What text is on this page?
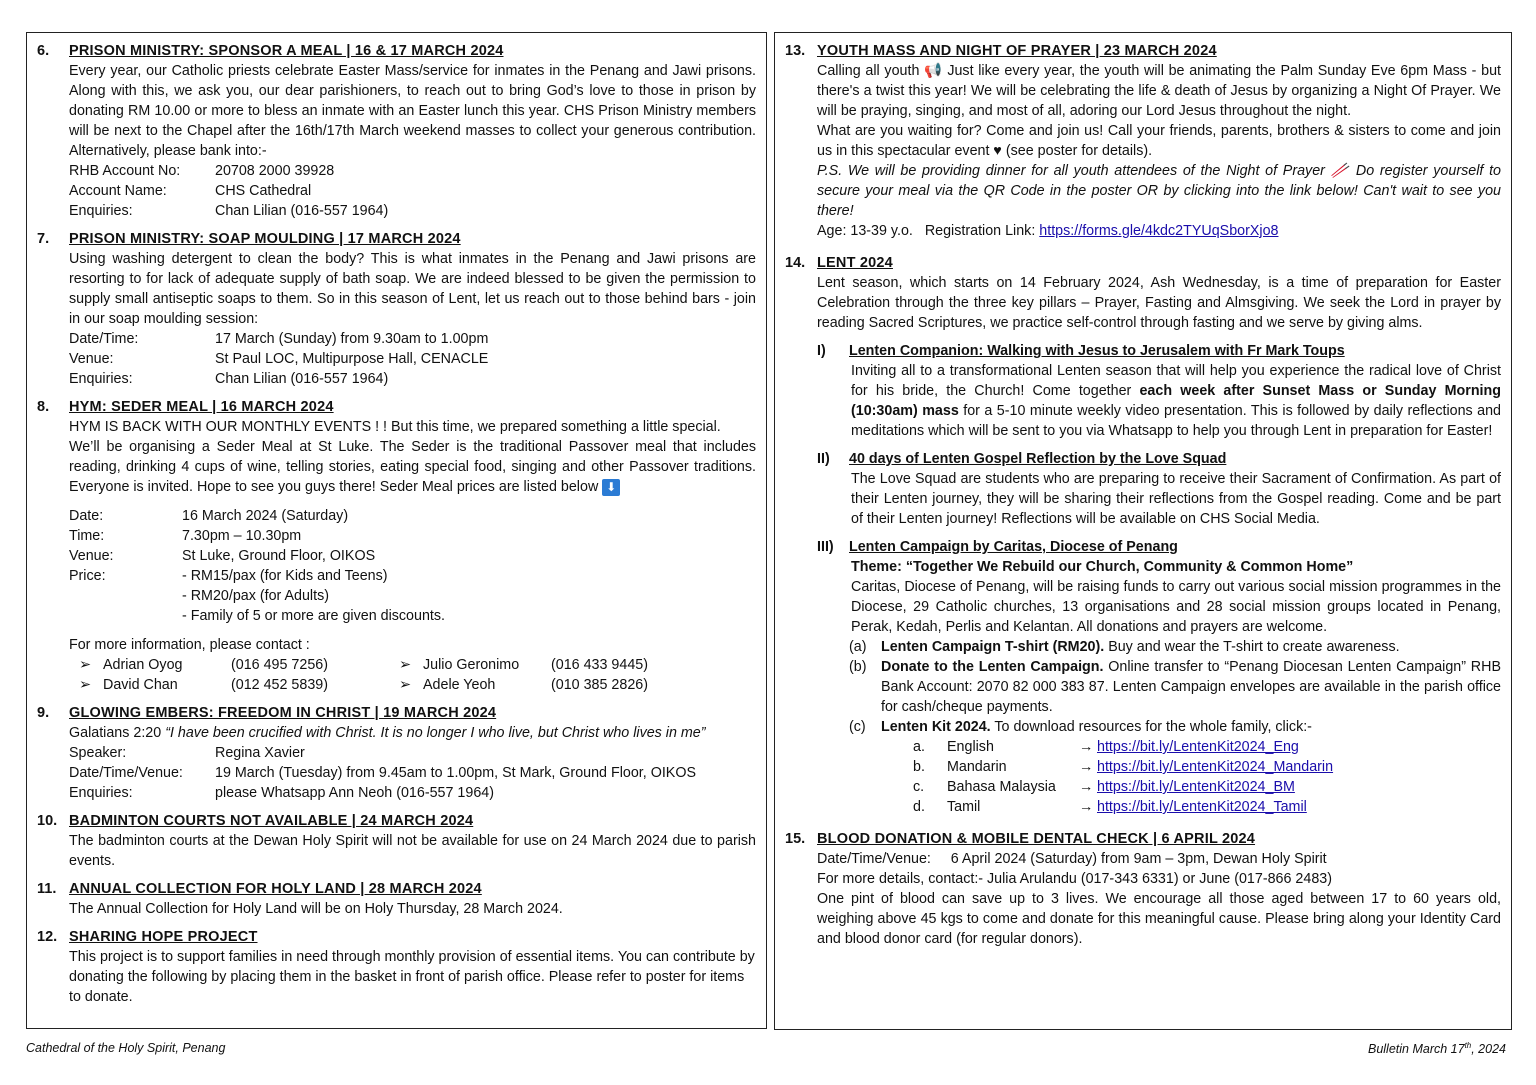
6. PRISON MINISTRY: SPONSOR A MEAL | 16 & 17 MARCH 2024

Every year, our Catholic priests celebrate Easter Mass/service for inmates in the Penang and Jawi prisons. Along with this, we ask you, our dear parishioners, to reach out to bring God’s love to those in prison by donating RM 10.00 or more to bless an inmate with an Easter lunch this year. CHS Prison Ministry members will be next to the Chapel after the 16th/17th March weekend masses to collect your generous contribution. Alternatively, please bank into:-

RHB Account No:	20708 2000 39928
Account Name:	CHS Cathedral
Enquiries:	Chan Lilian (016-557 1964)
7. PRISON MINISTRY: SOAP MOULDING | 17 MARCH 2024

Using washing detergent to clean the body? This is what inmates in the Penang and Jawi prisons are resorting to for lack of adequate supply of bath soap. We are indeed blessed to be given the permission to supply small antiseptic soaps to them. So in this season of Lent, let us reach out to those behind bars - join in our soap moulding session:

Date/Time:	17 March (Sunday) from 9.30am to 1.00pm
Venue:	St Paul LOC, Multipurpose Hall, CENACLE
Enquiries:	Chan Lilian (016-557 1964)
8. HYM: SEDER MEAL | 16 MARCH 2024

HYM IS BACK WITH OUR MONTHLY EVENTS ! ! But this time, we prepared something a little special.

We’ll be organising a Seder Meal at St Luke. The Seder is the traditional Passover meal that includes reading, drinking 4 cups of wine, telling stories, eating special food, singing and other Passover traditions. Everyone is invited. Hope to see you guys there! Seder Meal prices are listed below ⬇

Date:	16 March 2024 (Saturday)
Time:	7.30pm – 10.30pm
Venue:	St Luke, Ground Floor, OIKOS
Price:	- RM15/pax (for Kids and Teens)
- RM20/pax (for Adults)
- Family of 5 or more are given discounts.

For more information, please contact :

➢ Adrian Oyog	(016 495 7256)	➢ Julio Geronimo	(016 433 9445)
➢ David Chan	(012 452 5839)	➢ Adele Yeoh	(010 385 2826)
9. GLOWING EMBERS: FREEDOM IN CHRIST | 19 MARCH 2024

Galatians 2:20 “I have been crucified with Christ. It is no longer I who live, but Christ who lives in me”

Speaker:	Regina Xavier
Date/Time/Venue:	19 March (Tuesday) from 9.45am to 1.00pm, St Mark, Ground Floor, OIKOS
Enquiries:	please Whatsapp Ann Neoh (016-557 1964)
10. BADMINTON COURTS NOT AVAILABLE | 24 MARCH 2024

The badminton courts at the Dewan Holy Spirit will not be available for use on 24 March 2024 due to parish events.

11. ANNUAL COLLECTION FOR HOLY LAND | 28 MARCH 2024

The Annual Collection for Holy Land will be on Holy Thursday, 28 March 2024.

12. SHARING HOPE PROJECT

This project is to support families in need through monthly provision of essential items. You can contribute by donating the following by placing them in the basket in front of parish office. Please refer to poster for items to donate.

13. YOUTH MASS AND NIGHT OF PRAYER | 23 MARCH 2024

Calling all youth 📢 Just like every year, the youth will be animating the Palm Sunday Eve 6pm Mass - but there's a twist this year! We will be celebrating the life & death of Jesus by organizing a Night Of Prayer. We will be praying, singing, and most of all, adoring our Lord Jesus throughout the night.

What are you waiting for? Come and join us! Call your friends, parents, brothers & sisters to come and join us in this spectacular event ♥ (see poster for details).

P.S. We will be providing dinner for all youth attendees of the Night of Prayer 🥢 Do register yourself to secure your meal via the QR Code in the poster OR by clicking into the link below! Can't wait to see you there!

Age: 13-39 y.o. Registration Link: https://forms.gle/4kdc2TYUqSborXjo8

14. LENT 2024

Lent season, which starts on 14 February 2024, Ash Wednesday, is a time of preparation for Easter Celebration through the three key pillars – Prayer, Fasting and Almsgiving. We seek the Lord in prayer by reading Sacred Scriptures, we practice self-control through fasting and we serve by giving alms.

I) Lenten Companion: Walking with Jesus to Jerusalem with Fr Mark Toups

Inviting all to a transformational Lenten season that will help you experience the radical love of Christ for his bride, the Church! Come together each week after Sunset Mass or Sunday Morning (10:30am) mass for a 5-10 minute weekly video presentation. This is followed by daily reflections and meditations which will be sent to you via Whatsapp to help you through Lent in preparation for Easter!

II) 40 days of Lenten Gospel Reflection by the Love Squad

The Love Squad are students who are preparing to receive their Sacrament of Confirmation. As part of their Lenten journey, they will be sharing their reflections from the Gospel reading. Come and be part of their Lenten journey! Reflections will be available on CHS Social Media.

III) Lenten Campaign by Caritas, Diocese of Penang

Theme: “Together We Rebuild our Church, Community & Common Home”

Caritas, Diocese of Penang, will be raising funds to carry out various social mission programmes in the Diocese, 29 Catholic churches, 13 organisations and 28 social mission groups located in Penang, Perak, Kedah, Perlis and Kelantan. All donations and prayers are welcome.

(a) Lenten Campaign T-shirt (RM20). Buy and wear the T-shirt to create awareness.
(b) Donate to the Lenten Campaign. Online transfer to “Penang Diocesan Lenten Campaign” RHB Bank Account: 2070 82 000 383 87. Lenten Campaign envelopes are available in the parish office for cash/cheque payments.
(c) Lenten Kit 2024. To download resources for the whole family, click:-
a.	English	→ https://bit.ly/LentenKit2024_Eng
b.	Mandarin	→ https://bit.ly/LentenKit2024_Mandarin
c.	Bahasa Malaysia	→ https://bit.ly/LentenKit2024_BM
d.	Tamil	→ https://bit.ly/LentenKit2024_Tamil
15. BLOOD DONATION & MOBILE DENTAL CHECK | 6 APRIL 2024

Date/Time/Venue: 6 April 2024 (Saturday) from 9am – 3pm, Dewan Holy Spirit

For more details, contact:- Julia Arulandu (017-343 6331) or June (017-866 2483)

One pint of blood can save up to 3 lives. We encourage all those aged between 17 to 60 years old, weighing above 45 kgs to come and donate for this meaningful cause. Please bring along your Identity Card and blood donor card (for regular donors).

Cathedral of the Holy Spirit, Penang	Bulletin March 17th, 2024
